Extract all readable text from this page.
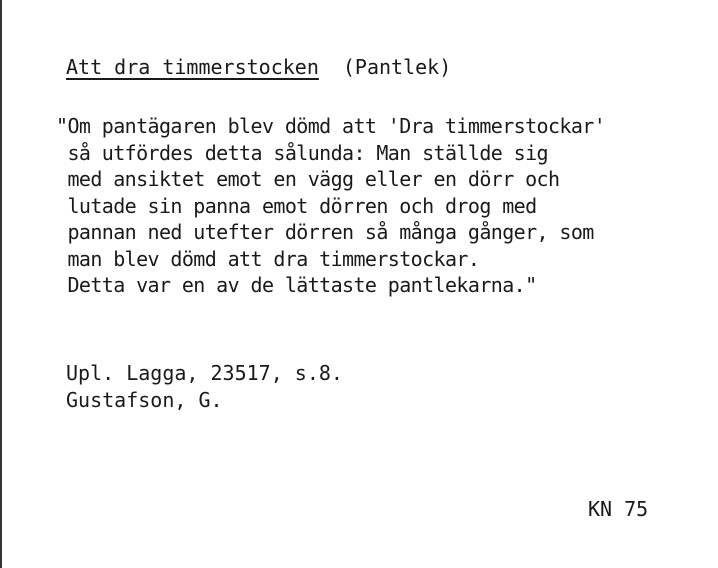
Att dra timmerstocken (Pantlek)
"Om pantägaren blev dömd att 'Dra timmerstockar'
så utfördes detta sålunda: Man ställde sig
med ansiktet emot en vägg eller en dörr och
lutade sin panna emot dörren och drog med
pannan ned utefter dörren så många gånger, som
man blev dömd att dra timmerstockar.
Detta var en av de lättaste pantlekarna."
Upl. Lagga, 23517, s.8.
Gustafson, G.
KN 75
